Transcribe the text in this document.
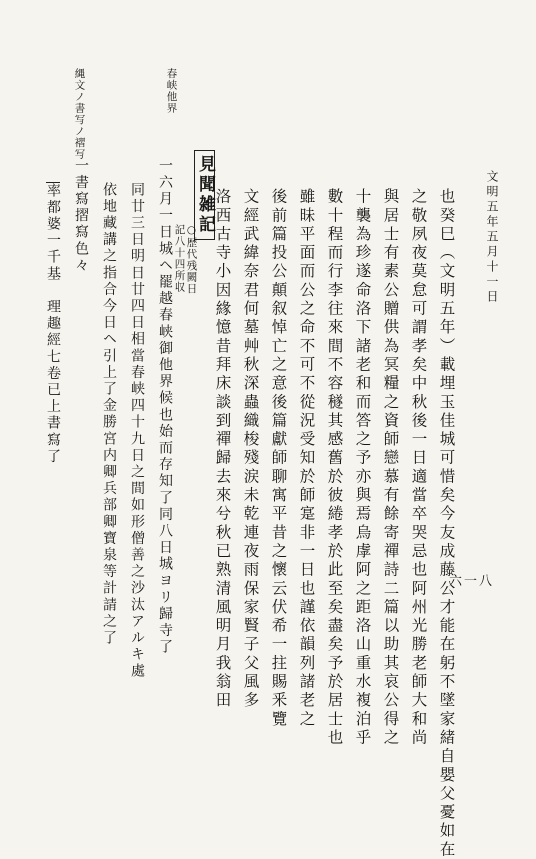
六一八
文明五年五月十一日
春峡他界
縄文ノ書写ノ褶写
也癸巳（文明五年）載埋玉佳城可惜矣今友成藤公才能在躬不墜家緒自嬰父憂如在
之敬夙夜莫怠可謂孝矣中秋後一日適當卒哭忌也阿州光勝老師大和尚
與居士有素公贈供為冥糧之資師戀慕有餘寄禪詩二篇以助其哀公得之
十襲為珍遂命洛下諸老和而答之予亦與焉烏虖阿之距洛山重水複泊乎
數十程而行李往來間不容穟其感舊於彼綣孝於此至矣盡矣予於居士也
雖昧平面而公之命不可不從況受知於師寔非一日也謹依韻列諸老之
後前篇投公顛叙悼亡之意後篇獻師聊寓平昔之懷云伏希一拄賜釆覽
文經武緯奈君何墓艸秋深蟲織梭殘涙未乾連夜雨保家賢子父風多
洛西古寺小因緣憶昔拜床談到禪歸去來兮秋已熟清風明月我翁田
見聞雑記
○歴代残闕日
記八十四所収
一六月一日城ヘ罷越春峡御他界候也始而存知了同八日城ヨリ歸寺了
同廿三日明日廿四日相當春峡四十九日之間如形僧善之沙汰アルキ處
依地藏講之指合今日ヘ引上了金勝宮内卿兵部卿寶泉等計請之了
一書寫摺寫色々
率都婆一千基　理趣經七卷已上書寫了
